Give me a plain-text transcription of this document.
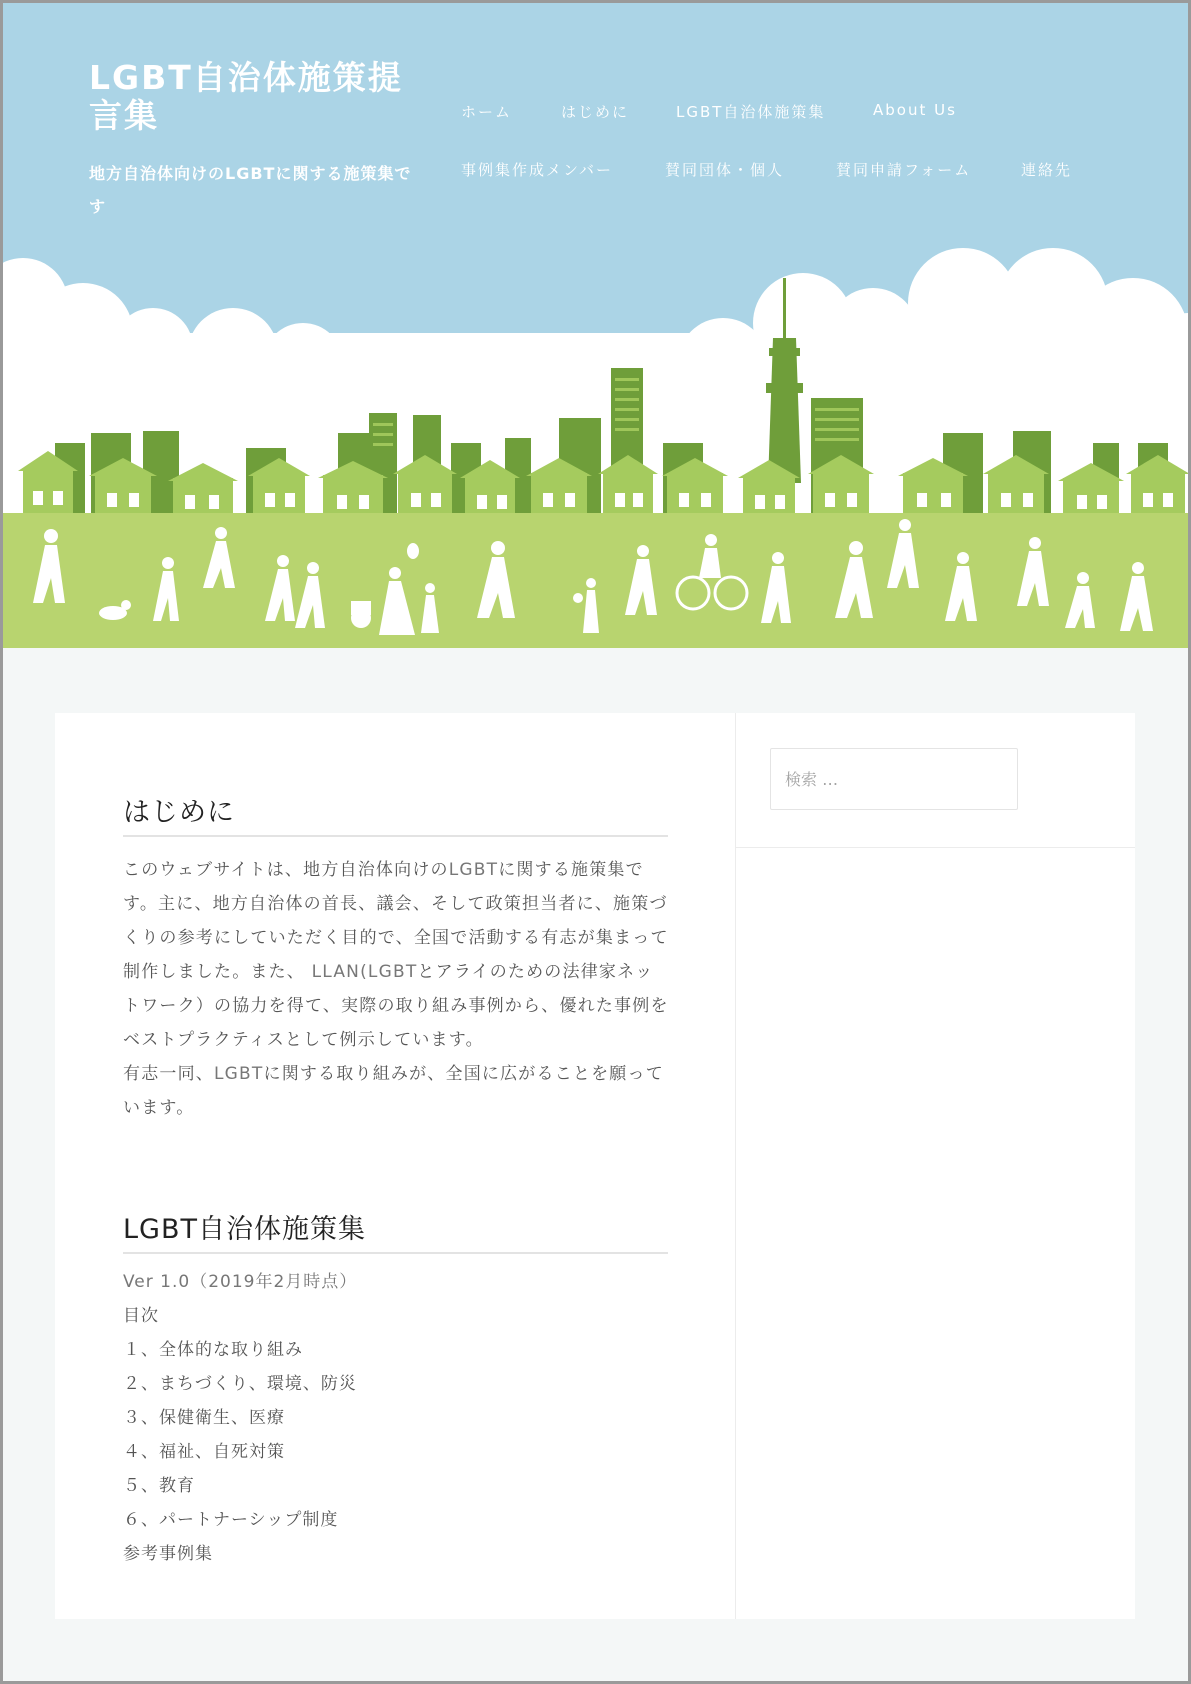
LGBT自治体施策提言集
地方自治体向けのLGBTに関する施策集です
ホーム	はじめに	LGBT自治体施策集	About Us
事例集作成メンバー	賛同団体・個人	賛同申請フォーム	連絡先
はじめに

このウェブサイトは、地方自治体向けのLGBTに関する施策集です。主に、地方自治体の首長、議会、そして政策担当者に、施策づくりの参考にしていただく目的で、全国で活動する有志が集まって制作しました。また、 LLAN(LGBTとアライのための法律家ネットワーク）の協力を得て、実際の取り組み事例から、優れた事例をベストプラクティスとして例示しています。
有志一同、LGBTに関する取り組みが、全国に広がることを願っています。

LGBT自治体施策集
Ver 1.0（2019年2月時点）
目次
１、全体的な取り組み
２、まちづくり、環境、防災
３、保健衛生、医療
４、福祉、自死対策
５、教育
６、パートナーシップ制度
参考事例集
検索 …
